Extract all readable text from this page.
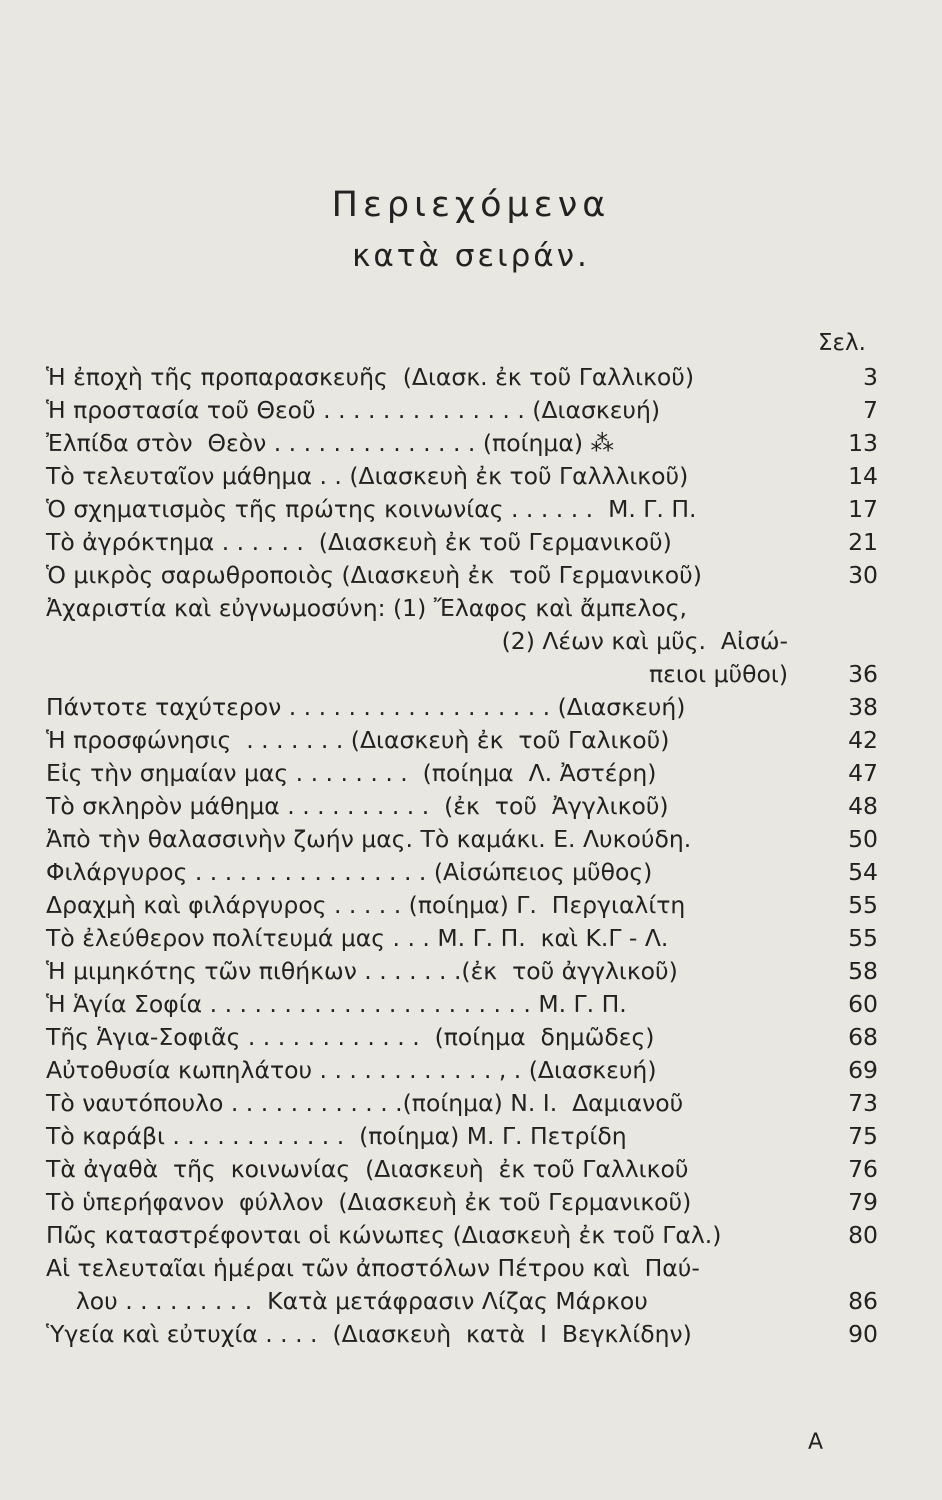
Περιεχόμενα
κατὰ σειράν.
Σελ.
Ἡ ἐποχὴ τῆς προπαρασκευῆς  (Διασκ. ἐκ τοῦ Γαλλικοῦ)	3
Ἡ προστασία τοῦ Θεοῦ . . . . . . . . . . . . . . (Διασκευή)	7
Ἐλπίδα στὸν  Θεὸν . . . . . . . . . . . . . . (ποίημα) ⁂	13
Τὸ τελευταῖον μάθημα . . (Διασκευὴ ἐκ τοῦ Γαλλλικοῦ)	14
Ὁ σχηματισμὸς τῆς πρώτης κοινωνίας . . . . . .  Μ. Γ. Π.	17
Τὸ ἀγρόκτημα . . . . . .  (Διασκευὴ ἐκ τοῦ Γερμανικοῦ)	21
Ὁ μικρὸς σαρωθροποιὸς (Διασκευὴ ἐκ  τοῦ Γερμανικοῦ)	30
Ἀχαριστία καὶ εὐγνωμοσύνη: (1) Ἔλαφος καὶ ἄμπελος,
(2) Λέων καὶ μῦς.  Αἰσώ-
πειοι μῦθοι)	36
Πάντοτε ταχύτερον . . . . . . . . . . . . . . . . . . (Διασκευή)	38
Ἡ προσφώνησις  . . . . . . . (Διασκευὴ ἐκ  τοῦ Γαλικοῦ)	42
Εἰς τὴν σημαίαν μας . . . . . . . .  (ποίημα  Λ. Ἀστέρη)	47
Τὸ σκληρὸν μάθημα . . . . . . . . . .  (ἐκ  τοῦ  Ἀγγλικοῦ)	48
Ἀπὸ τὴν θαλασσινὴν ζωήν μας. Τὸ καμάκι. Ε. Λυκούδη.	50
Φιλάργυρος . . . . . . . . . . . . . . . . (Αἰσώπειος μῦθος)	54
Δραχμὴ καὶ φιλάργυρος . . . . . (ποίημα) Γ.  Περγιαλίτη	55
Τὸ ἐλεύθερον πολίτευμά μας . . . Μ. Γ. Π.  καὶ Κ.Γ - Λ.	55
Ἡ μιμηκότης τῶν πιθήκων . . . . . . .(ἐκ  τοῦ ἀγγλικοῦ)	58
Ἡ Ἁγία Σοφία . . . . . . . . . . . . . . . . . . . . . . Μ. Γ. Π.	60
Τῆς Ἁγια-Σοφιᾶς . . . . . . . . . . . .  (ποίημα  δημῶδες)	68
Αὐτοθυσία κωπηλάτου . . . . . . . . . . . . , . (Διασκευή)	69
Τὸ ναυτόπουλο . . . . . . . . . . . .(ποίημα) Ν. Ι.  Δαμιανοῦ	73
Τὸ καράβι . . . . . . . . . . . .  (ποίημα) Μ. Γ. Πετρίδη	75
Τὰ ἀγαθὰ  τῆς  κοινωνίας  (Διασκευὴ  ἐκ τοῦ Γαλλικοῦ	76
Τὸ ὑπερήφανον  φύλλον  (Διασκευὴ ἐκ τοῦ Γερμανικοῦ)	79
Πῶς καταστρέφονται οἱ κώνωπες (Διασκευὴ ἐκ τοῦ Γαλ.)	80
Αἱ τελευταῖαι ἡμέραι τῶν ἀποστόλων Πέτρου καὶ  Παύ-
λου . . . . . . . . .  Κατὰ μετάφρασιν Λίζας Μάρκου	86
Ὑγεία καὶ εὐτυχία . . . .  (Διασκευὴ  κατὰ  Ι  Βεγκλίδην)	90
Α
